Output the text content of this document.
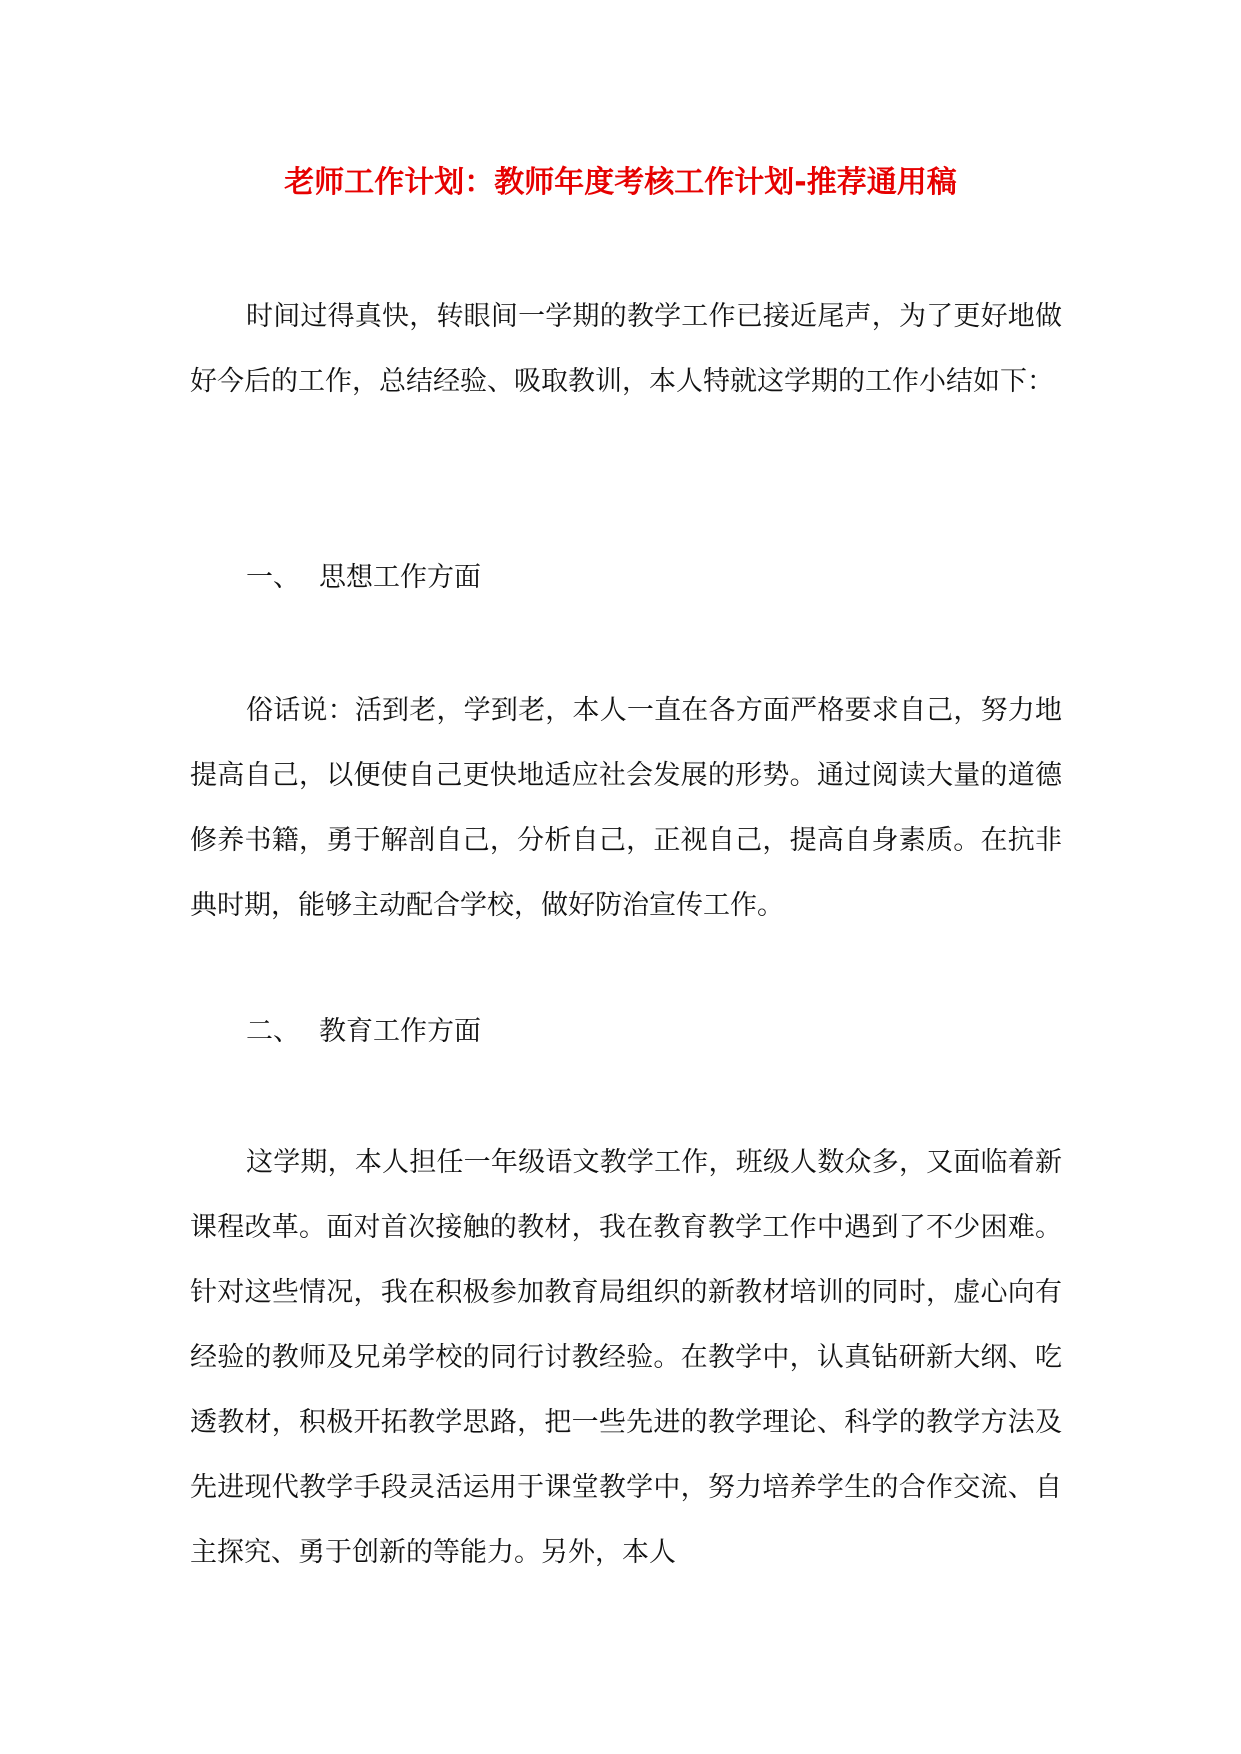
老师工作计划：教师年度考核工作计划-推荐通用稿

时间过得真快，转眼间一学期的教学工作已接近尾声，为了更好地做好今后的工作，总结经验、吸取教训，本人特就这学期的工作小结如下：

一、 思想工作方面

俗话说：活到老，学到老，本人一直在各方面严格要求自己，努力地提高自己，以便使自己更快地适应社会发展的形势。通过阅读大量的道德修养书籍，勇于解剖自己，分析自己，正视自己，提高自身素质。在抗非典时期，能够主动配合学校，做好防治宣传工作。

二、 教育工作方面

这学期，本人担任一年级语文教学工作，班级人数众多，又面临着新课程改革。面对首次接触的教材，我在教育教学工作中遇到了不少困难。针对这些情况，我在积极参加教育局组织的新教材培训的同时，虚心向有经验的教师及兄弟学校的同行讨教经验。在教学中，认真钻研新大纲、吃透教材，积极开拓教学思路，把一些先进的教学理论、科学的教学方法及先进现代教学手段灵活运用于课堂教学中，努力培养学生的合作交流、自主探究、勇于创新的等能力。另外，本人
